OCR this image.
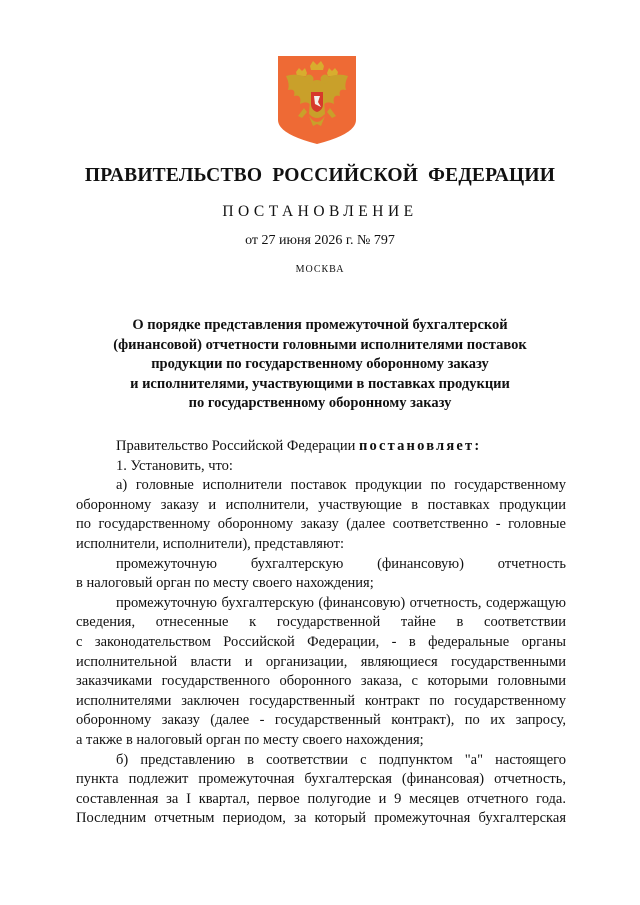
ПРАВИТЕЛЬСТВО РОССИЙСКОЙ ФЕДЕРАЦИИ
ПОСТАНОВЛЕНИЕ
от 27 июня 2026 г. № 797
МОСКВА
О порядке представления промежуточной бухгалтерской
(финансовой) отчетности головными исполнителями поставок
продукции по государственному оборонному заказу
и исполнителями, участвующими в поставках продукции
по государственному оборонному заказу
Правительство Российской Федерации постановляет:
1. Установить, что:
а) головные исполнители поставок продукции по государственному
оборонному заказу и исполнители, участвующие в поставках продукции
по государственному оборонному заказу (далее соответственно - головные
исполнители, исполнители), представляют:
промежуточную бухгалтерскую (финансовую) отчетность
в налоговый орган по месту своего нахождения;
промежуточную бухгалтерскую (финансовую) отчетность, содержащую
сведения, отнесенные к государственной тайне в соответствии
с законодательством Российской Федерации, - в федеральные органы
исполнительной власти и организации, являющиеся государственными
заказчиками государственного оборонного заказа, с которыми головными
исполнителями заключен государственный контракт по государственному
оборонному заказу (далее - государственный контракт), по их запросу,
а также в налоговый орган по месту своего нахождения;
б) представлению в соответствии с подпунктом "а" настоящего
пункта подлежит промежуточная бухгалтерская (финансовая) отчетность,
составленная за I квартал, первое полугодие и 9 месяцев отчетного года.
Последним отчетным периодом, за который промежуточная бухгалтерская
